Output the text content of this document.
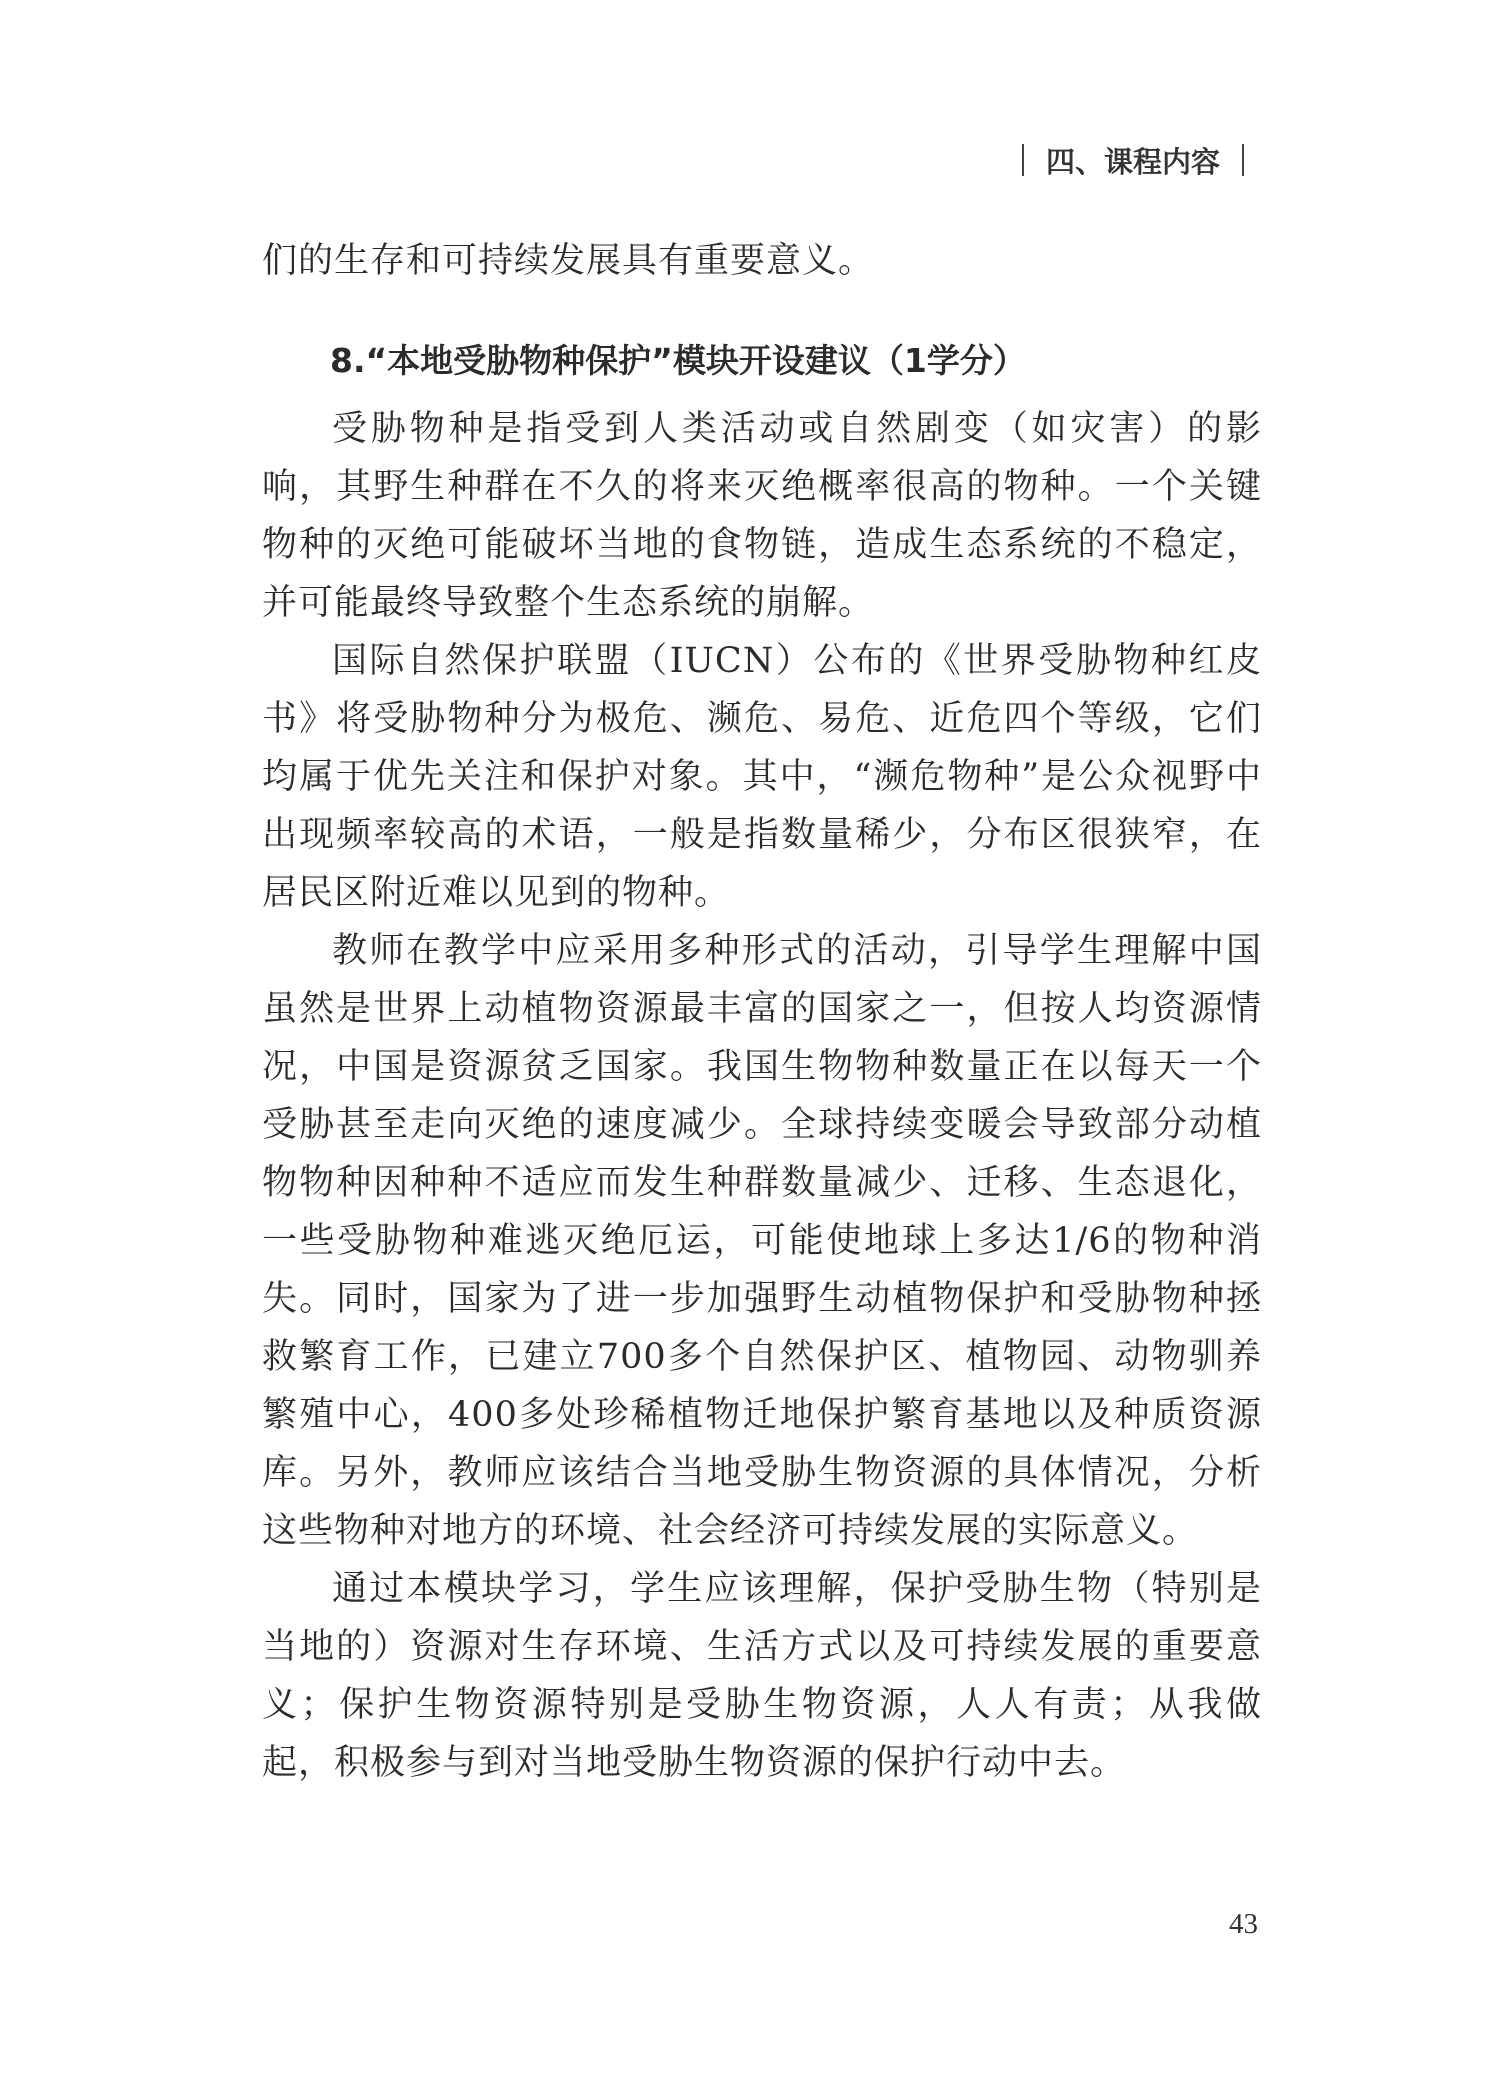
四、课程内容

们的生存和可持续发展具有重要意义。

8.“本地受胁物种保护”模块开设建议（1学分）

受胁物种是指受到人类活动或自然剧变（如灾害）的影响，其野生种群在不久的将来灭绝概率很高的物种。一个关键物种的灭绝可能破坏当地的食物链，造成生态系统的不稳定，并可能最终导致整个生态系统的崩解。

国际自然保护联盟（IUCN）公布的《世界受胁物种红皮书》将受胁物种分为极危、濒危、易危、近危四个等级，它们均属于优先关注和保护对象。其中，“濒危物种”是公众视野中出现频率较高的术语，一般是指数量稀少，分布区很狭窄，在居民区附近难以见到的物种。

教师在教学中应采用多种形式的活动，引导学生理解中国虽然是世界上动植物资源最丰富的国家之一，但按人均资源情况，中国是资源贫乏国家。我国生物物种数量正在以每天一个受胁甚至走向灭绝的速度减少。全球持续变暖会导致部分动植物物种因种种不适应而发生种群数量减少、迁移、生态退化，一些受胁物种难逃灭绝厄运，可能使地球上多达1/6的物种消失。同时，国家为了进一步加强野生动植物保护和受胁物种拯救繁育工作，已建立700多个自然保护区、植物园、动物驯养繁殖中心，400多处珍稀植物迁地保护繁育基地以及种质资源库。另外，教师应该结合当地受胁生物资源的具体情况，分析这些物种对地方的环境、社会经济可持续发展的实际意义。

通过本模块学习，学生应该理解，保护受胁生物（特别是当地的）资源对生存环境、生活方式以及可持续发展的重要意义；保护生物资源特别是受胁生物资源，人人有责；从我做起，积极参与到对当地受胁生物资源的保护行动中去。

43
